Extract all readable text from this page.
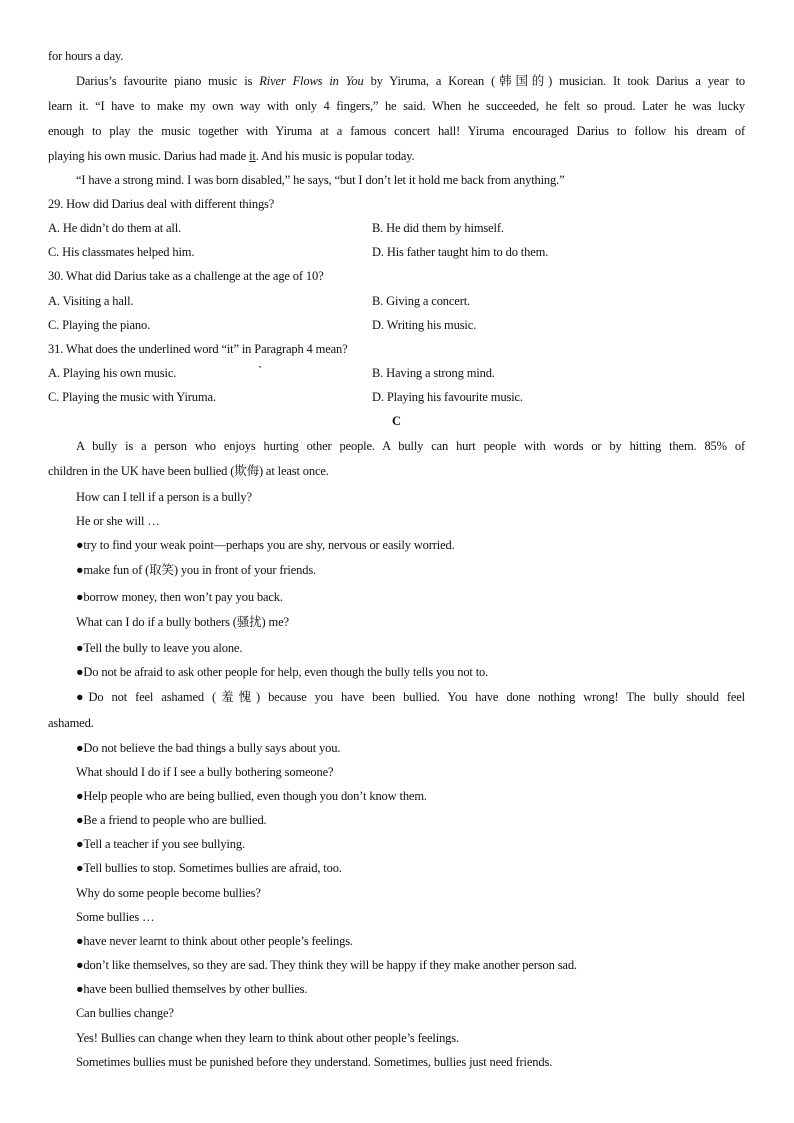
for hours a day.
Darius’s favourite piano music is River Flows in You by Yiruma, a Korean (韩国的) musician. It took Darius a year to
learn it. “I have to make my own way with only 4 fingers,” he said. When he succeeded, he felt so proud. Later he was lucky
enough to play the music together with Yiruma at a famous concert hall! Yiruma encouraged Darius to follow his dream of
playing his own music. Darius had made it. And his music is popular today.
“I have a strong mind. I was born disabled,” he says, “but I don’t let it hold me back from anything.”
29. How did Darius deal with different things?
A. He didn’t do them at all.	B. He did them by himself.
C. His classmates helped him.	D. His father taught him to do them.
30. What did Darius take as a challenge at the age of 10?
A. Visiting a hall.	B. Giving a concert.
C. Playing the piano.	D. Writing his music.
31. What does the underlined word “it” in Paragraph 4 mean?
A. Playing his own music.	`	B. Having a strong mind.
C. Playing the music with Yiruma.	D. Playing his favourite music.
C
A bully is a person who enjoys hurting other people. A bully can hurt people with words or by hitting them. 85% of
children in the UK have been bullied (欺侮) at least once.
How can I tell if a person is a bully?
He or she will …
●try to find your weak point—perhaps you are shy, nervous or easily worried.
●make fun of (取笑) you in front of your friends.
●borrow money, then won’t pay you back.
What can I do if a bully bothers (骚扰) me?
●Tell the bully to leave you alone.
●Do not be afraid to ask other people for help, even though the bully tells you not to.
●Do not feel ashamed (羞愧) because you have been bullied. You have done nothing wrong! The bully should feel
ashamed.
●Do not believe the bad things a bully says about you.
What should I do if I see a bully bothering someone?
●Help people who are being bullied, even though you don’t know them.
●Be a friend to people who are bullied.
●Tell a teacher if you see bullying.
●Tell bullies to stop. Sometimes bullies are afraid, too.
Why do some people become bullies?
Some bullies …
●have never learnt to think about other people’s feelings.
●don’t like themselves, so they are sad. They think they will be happy if they make another person sad.
●have been bullied themselves by other bullies.
Can bullies change?
Yes! Bullies can change when they learn to think about other people’s feelings.
Sometimes bullies must be punished before they understand. Sometimes, bullies just need friends.
